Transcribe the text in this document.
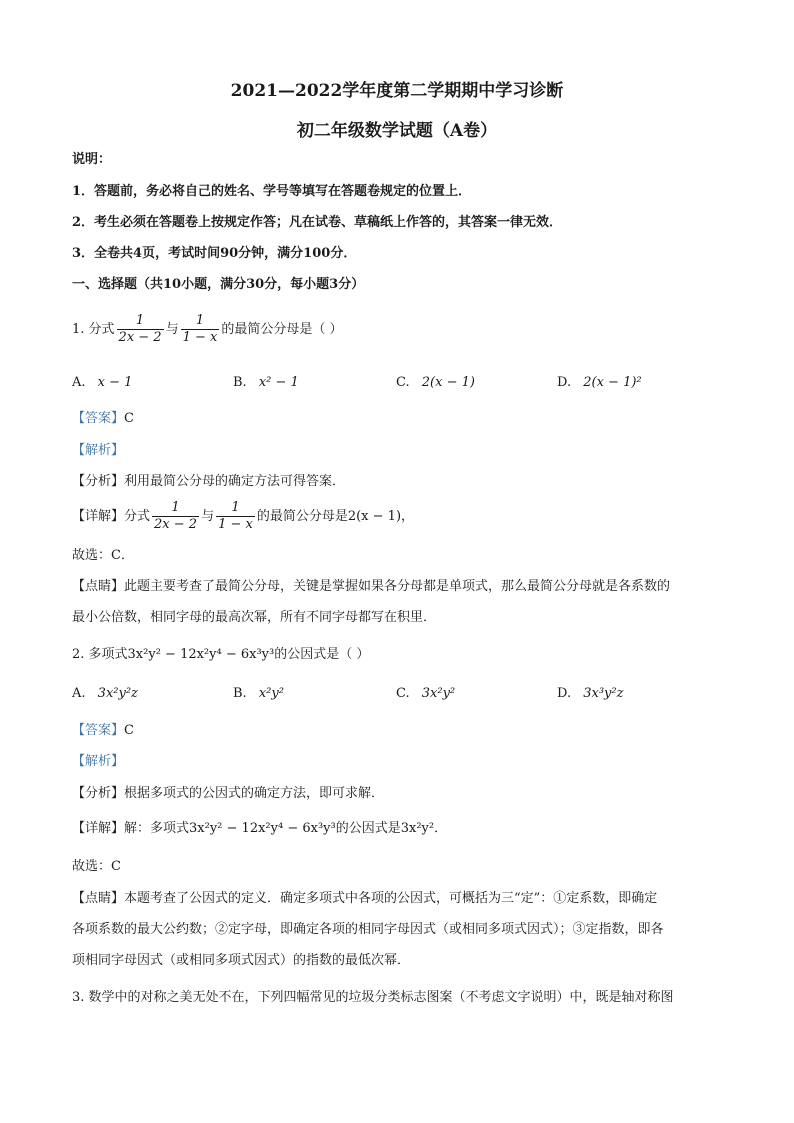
2021—2022学年度第二学期期中学习诊断
初二年级数学试题（A卷）
说明：
1．答题前，务必将自己的姓名、学号等填写在答题卷规定的位置上．
2．考生必须在答题卷上按规定作答；凡在试卷、草稿纸上作答的，其答案一律无效．
3．全卷共4页，考试时间90分钟，满分100分．
一、选择题（共10小题，满分30分，每小题3分）
1. 分式 $\frac{1}{2x - 2}$ 与 $\frac{1}{1 - x}$ 的最简公分母是（ ）
A. x − 1	B. x² − 1	C. 2(x − 1)	D. 2(x − 1)²
【答案】C
【解析】
【分析】利用最简公分母的确定方法可得答案．
【详解】 分式 $\frac{1}{2x - 2}$ 与 $\frac{1}{1 - x}$ 的最简公分母是2(x − 1)，
故选：C．
【点睛】此题主要考查了最简公分母，关键是掌握如果各分母都是单项式，那么最简公分母就是各系数的
最小公倍数，相同字母的最高次幂，所有不同字母都写在积里．
2. 多项式3x²y² − 12x²y⁴ − 6x³y³的公因式是（ ）
A. 3x²y²z	B. x²y²	C. 3x²y²	D. 3x³y²z
【答案】C
【解析】
【分析】根据多项式的公因式的确定方法，即可求解．
【详解】解：多项式3x²y² − 12x²y⁴ − 6x³y³的公因式是3x²y²．
故选：C
【点睛】本题考查了公因式的定义．确定多项式中各项的公因式，可概括为三“定”：①定系数，即确定
各项系数的最大公约数；②定字母，即确定各项的相同字母因式（或相同多项式因式）；③定指数，即各
项相同字母因式（或相同多项式因式）的指数的最低次幂．
3. 数学中的对称之美无处不在，下列四幅常见的垃圾分类标志图案（不考虑文字说明）中，既是轴对称图
